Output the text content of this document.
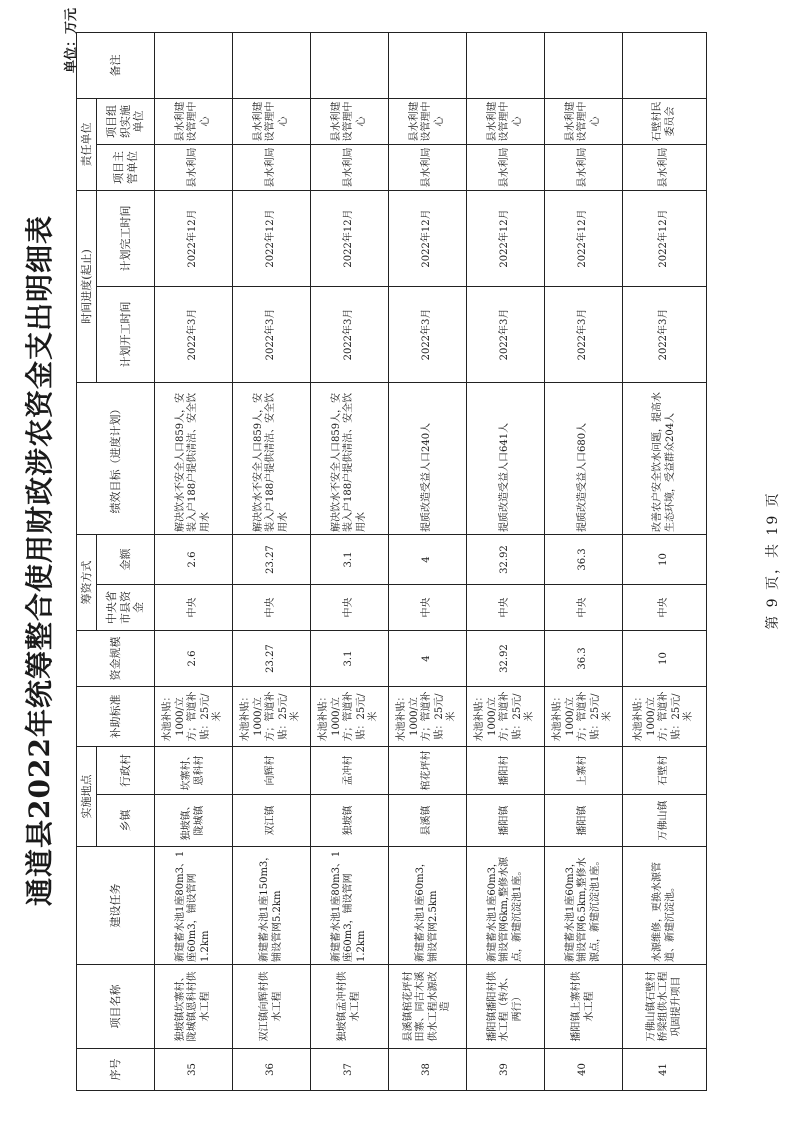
通道县2022年统筹整合使用财政涉农资金支出明细表
单位：万元
序号	项目名称	建设任务	实施地点		补助标准	资金规模	筹资方式		绩效目标（进度计划）	时间进度(起止)		责任单位		备注
			乡镇	行政村			中央省市县资金	金额		计划开工时间	计划完工时间	项目主管单位	项目组织实施单位	
35	独坡镇坎寨村、陇城镇恩科村供水工程	新建蓄水池1座80m3、1座60m3，铺设管网1.2km	独坡镇、陇城镇	坎寨村、恩科村	水池补贴：1000/立方；管道补贴：25元/米	2.6	中央	2.6	解决饮水不安全人口859人，安装入户188户提供清洁、安全饮用水	2022年3月	2022年12月	县水利局	县水利建设管理中心	
36	双江镇向辉村供水工程	新建蓄水池1座150m3，铺设管网5.2km	双江镇	向辉村	水池补贴：1000/立方；管道补贴：25元/米	23.27	中央	23.27	解决饮水不安全人口859人，安装入户188户提供清洁、安全饮用水	2022年3月	2022年12月	县水利局	县水利建设管理中心	
37	独坡镇孟冲村供水工程	新建蓄水池1座80m3、1座60m3，铺设管网1.2km	独坡镇	孟冲村	水池补贴：1000/立方；管道补贴：25元/米	3.1	中央	3.1	解决饮水不安全人口859人，安装入户188户提供清洁、安全饮用水	2022年3月	2022年12月	县水利局	县水利建设管理中心	
38	县溪镇棺花坪村田寨、同古木溪供水工程水源改造	新建蓄水池1座60m3，铺设管网2.5km	县溪镇	棺花坪村	水池补贴：1000/立方；管道补贴：25元/米	4	中央	4	提质改造受益人口240人	2022年3月	2022年12月	县水利局	县水利建设管理中心	
39	播阳镇播阳村供水工程（转水、两行）	新建蓄水池1座60m3，铺设管网6km,整修水源点，新建沉淀池1座。	播阳镇	播阳村	水池补贴：1000/立方；管道补贴：25元/米	32.92	中央	32.92	提质改造受益人口641人	2022年3月	2022年12月	县水利局	县水利建设管理中心	
40	播阳镇上寨村供水工程	新建蓄水池1座60m3，铺设管网6.5km,整修水源点，新建沉淀池1座。	播阳镇	上寨村	水池补贴：1000/立方；管道补贴：25元/米	36.3	中央	36.3	提质改造受益人口680人	2022年3月	2022年12月	县水利局	县水利建设管理中心	
41	万佛山镇石壁村桥梁组供水工程巩固提升项目	水源维修，更换水源管道、新建沉淀池。	万佛山镇	石壁村	水池补贴：1000/立方；管道补贴：25元/米	10	中央	10	改善农户安全饮水问题，提高水生态环境，受益群众204人	2022年3月	2022年12月	县水利局	石壁村民委员会	
第 9 页，共 19 页
